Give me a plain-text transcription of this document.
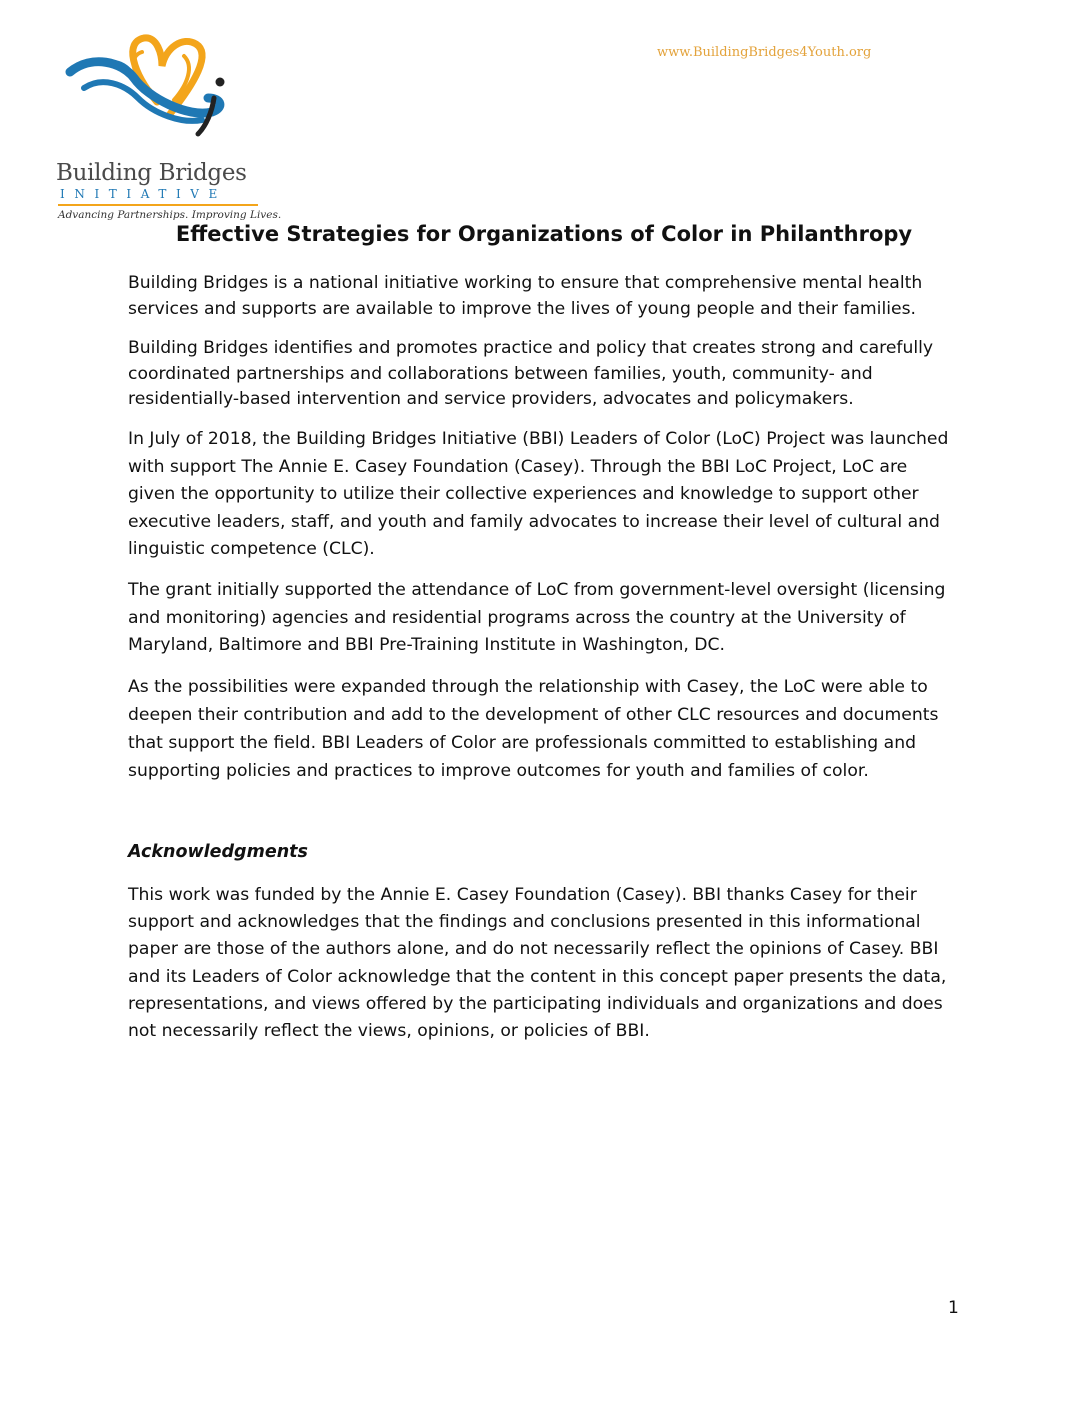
Building Bridges
INITIATIVE
Advancing Partnerships. Improving Lives.
www.BuildingBridges4Youth.org
Effective Strategies for Organizations of Color in Philanthropy

Building Bridges is a national initiative working to ensure that comprehensive mental health services and supports are available to improve the lives of young people and their families.

Building Bridges identifies and promotes practice and policy that creates strong and carefully coordinated partnerships and collaborations between families, youth, community- and residentially-based intervention and service providers, advocates and policymakers.

In July of 2018, the Building Bridges Initiative (BBI) Leaders of Color (LoC) Project was launched with support The Annie E. Casey Foundation (Casey). Through the BBI LoC Project, LoC are given the opportunity to utilize their collective experiences and knowledge to support other executive leaders, staff, and youth and family advocates to increase their level of cultural and linguistic competence (CLC).

The grant initially supported the attendance of LoC from government-level oversight (licensing and monitoring) agencies and residential programs across the country at the University of Maryland, Baltimore and BBI Pre-Training Institute in Washington, DC.

As the possibilities were expanded through the relationship with Casey, the LoC were able to deepen their contribution and add to the development of other CLC resources and documents that support the field. BBI Leaders of Color are professionals committed to establishing and supporting policies and practices to improve outcomes for youth and families of color.

Acknowledgments

This work was funded by the Annie E. Casey Foundation (Casey). BBI thanks Casey for their support and acknowledges that the findings and conclusions presented in this informational paper are those of the authors alone, and do not necessarily reflect the opinions of Casey. BBI and its Leaders of Color acknowledge that the content in this concept paper presents the data, representations, and views offered by the participating individuals and organizations and does not necessarily reflect the views, opinions, or policies of BBI.

1
